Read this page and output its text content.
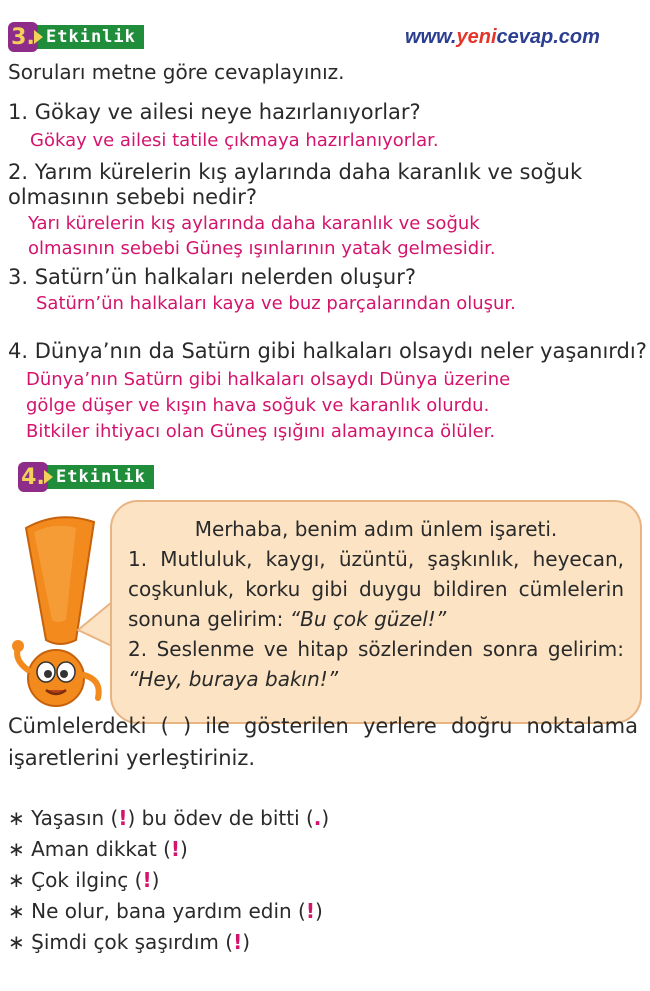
3. Etkinlik	www.yenicevap.com
Soruları metne göre cevaplayınız.
1. Gökay ve ailesi neye hazırlanıyorlar?
Gökay ve ailesi tatile çıkmaya hazırlanıyorlar.
2. Yarım kürelerin kış aylarında daha karanlık ve soğuk
olmasının sebebi nedir?
Yarı kürelerin kış aylarında daha karanlık ve soğuk
olmasının sebebi Güneş ışınlarının yatak gelmesidir.
3. Satürn’ün halkaları nelerden oluşur?
Satürn’ün halkaları kaya ve buz parçalarından oluşur.
4. Dünya’nın da Satürn gibi halkaları olsaydı neler yaşanırdı?
Dünya’nın Satürn gibi halkaları olsaydı Dünya üzerine
gölge düşer ve kışın hava soğuk ve karanlık olurdu.
Bitkiler ihtiyacı olan Güneş ışığını alamayınca ölüler.
4. Etkinlik
Merhaba, benim adım ünlem işareti.
1. Mutluluk, kaygı, üzüntü, şaşkınlık, heyecan,
coşkunluk, korku gibi duygu bildiren cümlelerin
sonuna gelirim: “Bu çok güzel!”
2. Seslenme ve hitap sözlerinden sonra gelirim:
“Hey, buraya bakın!”
Cümlelerdeki ( ) ile gösterilen yerlere doğru noktalama
işaretlerini yerleştiriniz.
∗ Yaşasın (!) bu ödev de bitti (.)
∗ Aman dikkat (!)
∗ Çok ilginç (!)
∗ Ne olur, bana yardım edin (!)
∗ Şimdi çok şaşırdım (!)
